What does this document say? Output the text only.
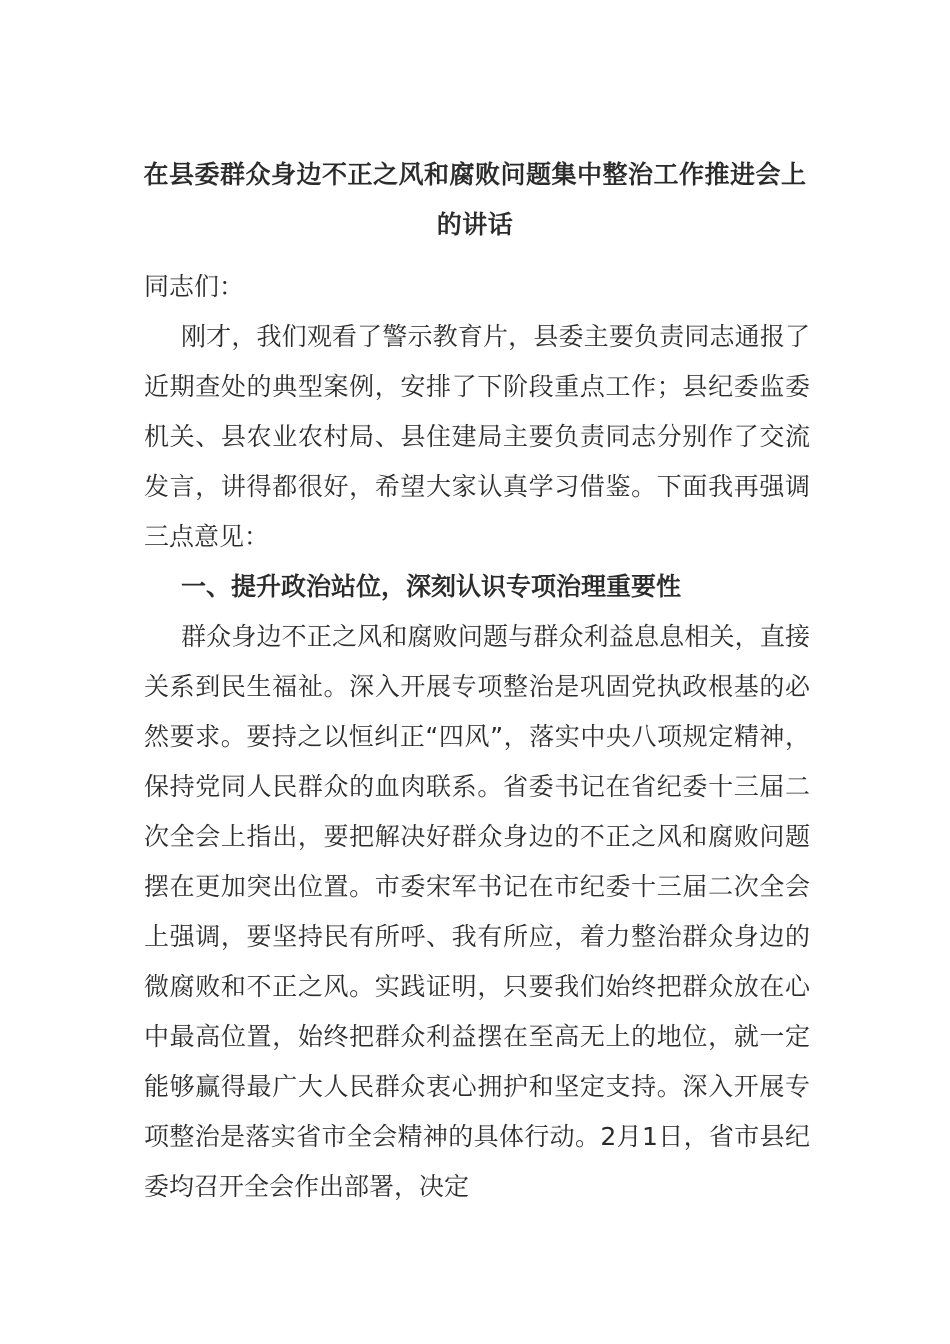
在县委群众身边不正之风和腐败问题集中整治工作推进会上的讲话

同志们：

刚才，我们观看了警示教育片，县委主要负责同志通报了近期查处的典型案例，安排了下阶段重点工作；县纪委监委机关、县农业农村局、县住建局主要负责同志分别作了交流发言，讲得都很好，希望大家认真学习借鉴。下面我再强调三点意见：

一、提升政治站位，深刻认识专项治理重要性

群众身边不正之风和腐败问题与群众利益息息相关，直接关系到民生福祉。深入开展专项整治是巩固党执政根基的必然要求。要持之以恒纠正“四风”，落实中央八项规定精神，保持党同人民群众的血肉联系。省委书记在省纪委十三届二次全会上指出，要把解决好群众身边的不正之风和腐败问题摆在更加突出位置。市委宋军书记在市纪委十三届二次全会上强调，要坚持民有所呼、我有所应，着力整治群众身边的微腐败和不正之风。实践证明，只要我们始终把群众放在心中最高位置，始终把群众利益摆在至高无上的地位，就一定能够赢得最广大人民群众衷心拥护和坚定支持。深入开展专项整治是落实省市全会精神的具体行动。2月1日，省市县纪委均召开全会作出部署，决定
